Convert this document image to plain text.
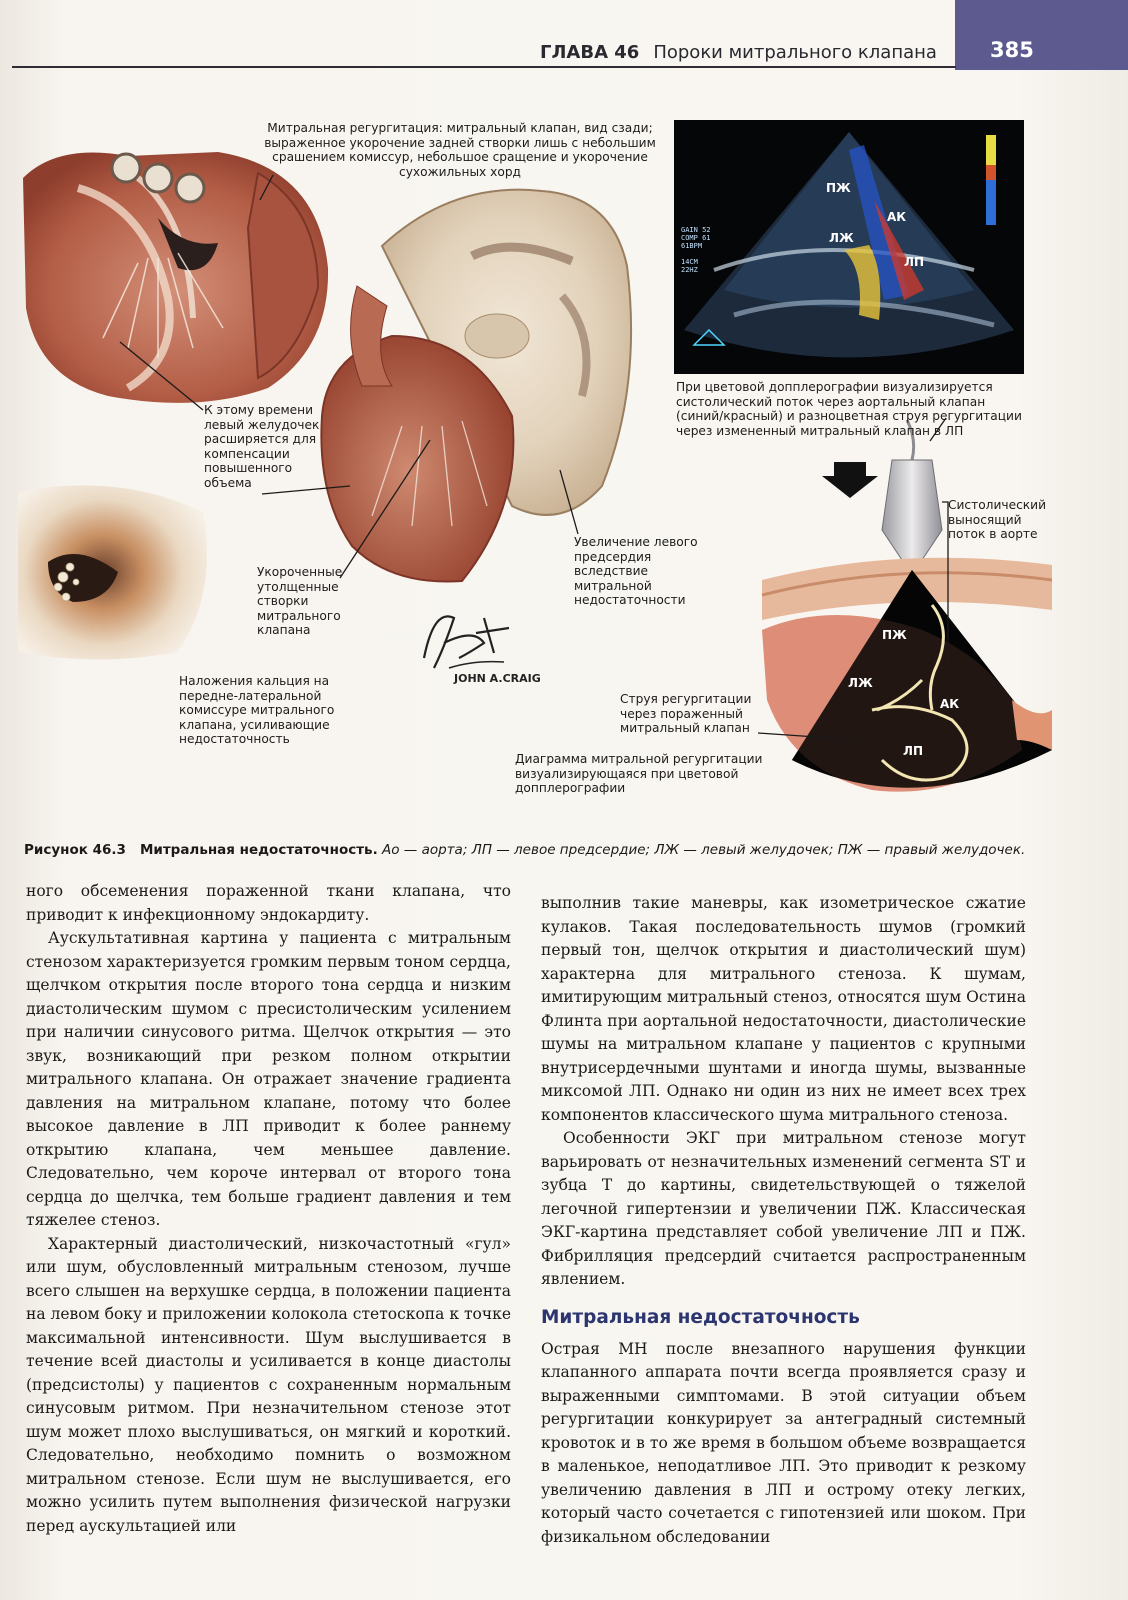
385
ГЛАВА 46 Пороки митрального клапана
GAIN 52
COMP 61
61BPM

14CM
22HZ
ПЖ
АК
ЛЖ
ЛП
ПЖ
ЛЖ
АК
ЛП
JOHN A.CRAIG
Митральная регургитация: митральный клапан, вид сзади; выраженное укорочение задней створки лишь с небольшим срашением комиссур, небольшое сращение и укорочение сухожильных хорд
К этому времени левый желудочек расширяется для компенсации повышенного объема
Укороченные утолщенные створки митрального клапана
Увеличение левого предсердия вследствие митральной недостаточности
Наложения кальция на передне-латеральной комиссуре митрального клапана, усиливающие недостаточность
При цветовой допплерографии визуализируется систолический поток через аортальный клапан (синий/красный) и разноцветная струя регургитации через измененный митральный клапан в ЛП
Систолический выносящий поток в аорте
Струя регургитации через пораженный митральный клапан
Диаграмма митральной регургитации визуализирующаяся при цветовой допплерографии
Рисунок 46.3 Митральная недостаточность. Ао — аорта; ЛП — левое предсердие; ЛЖ — левый желудочек; ПЖ — правый желудочек.

ного обсеменения пораженной ткани клапана, что приводит к инфекционному эндокардиту.

Аускультативная картина у пациента с митральным стенозом характеризуется громким первым тоном сердца, щелчком открытия после второго тона сердца и низким диастолическим шумом с пресистолическим усилением при наличии синусового ритма. Щелчок открытия — это звук, возникающий при резком полном открытии митрального клапана. Он отражает значение градиента давления на митральном клапане, потому что более высокое давление в ЛП приводит к более раннему открытию клапана, чем меньшее давление. Следовательно, чем короче интервал от второго тона сердца до щелчка, тем больше градиент давления и тем тяжелее стеноз.

Характерный диастолический, низкочастотный «гул» или шум, обусловленный митральным стенозом, лучше всего слышен на верхушке сердца, в положении пациента на левом боку и приложении колокола стетоскопа к точке максимальной интенсивности. Шум выслушивается в течение всей диастолы и усиливается в конце диастолы (предсистолы) у пациентов с сохраненным нормальным синусовым ритмом. При незначительном стенозе этот шум может плохо выслушиваться, он мягкий и короткий. Следовательно, необходимо помнить о возможном митральном стенозе. Если шум не выслушивается, его можно усилить путем выполнения физической нагрузки перед аускультацией или

выполнив такие маневры, как изометрическое сжатие кулаков. Такая последовательность шумов (громкий первый тон, щелчок открытия и диастолический шум) характерна для митрального стеноза. К шумам, имитирующим митральный стеноз, относятся шум Остина Флинта при аортальной недостаточности, диастолические шумы на митральном клапане у пациентов с крупными внутрисердечными шунтами и иногда шумы, вызванные миксомой ЛП. Однако ни один из них не имеет всех трех компонентов классического шума митрального стеноза.

Особенности ЭКГ при митральном стенозе могут варьировать от незначительных изменений сегмента ST и зубца T до картины, свидетельствующей о тяжелой легочной гипертензии и увеличении ПЖ. Классическая ЭКГ-картина представляет собой увеличение ЛП и ПЖ. Фибрилляция предсердий считается распространенным явлением.

Митральная недостаточность

Острая МН после внезапного нарушения функции клапанного аппарата почти всегда проявляется сразу и выраженными симптомами. В этой ситуации объем регургитации конкурирует за антеградный системный кровоток и в то же время в большом объеме возвращается в маленькое, неподатливое ЛП. Это приводит к резкому увеличению давления в ЛП и острому отеку легких, который часто сочетается с гипотензией или шоком. При физикальном обследовании
